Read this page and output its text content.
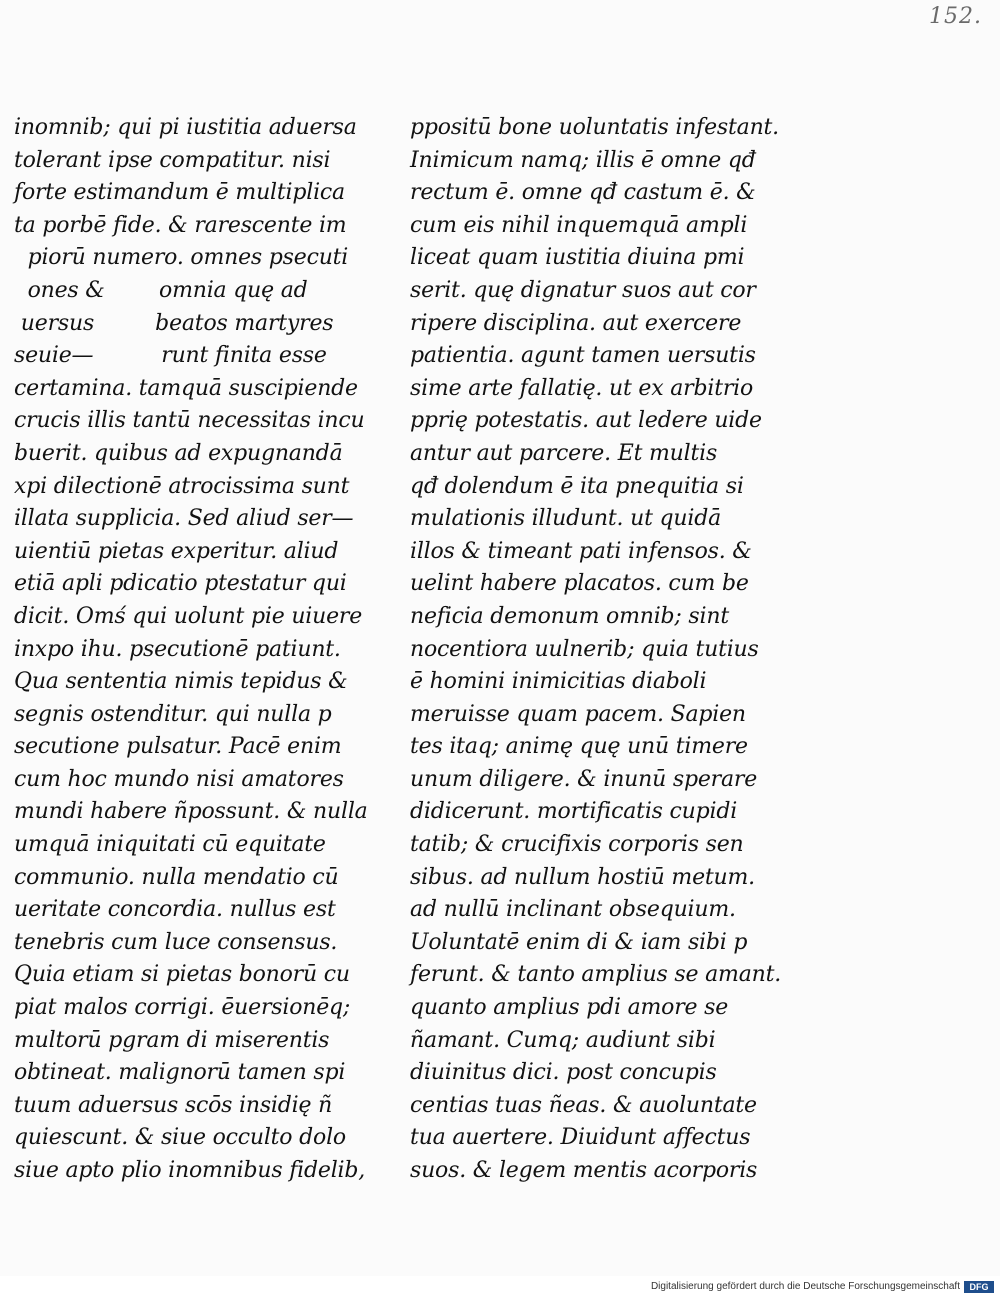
152.
inomnib; qui pi iustitia aduersa
tolerant ipse compatitur. nisi
forte estimandum ē multiplica
ta porbē fide. & rarescente im
piorū numero. omnes psecuti
ones &        omnia quę ad
uersus         beatos martyres
seuie—          runt finita esse
certamina. tamquā suscipiende
crucis illis tantū necessitas incu
buerit. quibus ad expugnandā
xpi dilectionē atrocissima sunt
illata supplicia. Sed aliud ser—
uientiū pietas experitur. aliud
etiā apli pdicatio ptestatur qui
dicit. Omś qui uolunt pie uiuere
inxpo ihu. psecutionē patiunt.
Qua sententia nimis tepidus &
segnis ostenditur. qui nulla p
secutione pulsatur. Pacē enim
cum hoc mundo nisi amatores
mundi habere ñpossunt. & nulla
umquā iniquitati cū equitate
communio. nulla mendatio cū
ueritate concordia. nullus est
tenebris cum luce consensus.
Quia etiam si pietas bonorū cu
piat malos corrigi. ēuersionēq;
multorū pgram di miserentis
obtineat. malignorū tamen spi
tuum aduersus scōs insidię ñ
quiescunt. & siue occulto dolo
siue apto plio inomnibus fidelib,
ppositū bone uoluntatis infestant.
Inimicum namq; illis ē omne qđ
rectum ē. omne qđ castum ē. &
cum eis nihil inquemquā ampli
liceat quam iustitia diuina pmi
serit. quę dignatur suos aut cor
ripere disciplina. aut exercere
patientia. agunt tamen uersutis
sime arte fallatię. ut ex arbitrio
pprię potestatis. aut ledere uide
antur aut parcere. Et multis
qđ dolendum ē ita pnequitia si
mulationis illudunt. ut quidā
illos & timeant pati infensos. &
uelint habere placatos. cum be
neficia demonum omnib; sint
nocentiora uulnerib; quia tutius
ē homini inimicitias diaboli
meruisse quam pacem. Sapien
tes itaq; animę quę unū timere
unum diligere. & inunū sperare
didicerunt. mortificatis cupidi
tatib; & crucifixis corporis sen
sibus. ad nullum hostiū metum.
ad nullū inclinant obsequium.
Uoluntatē enim di & iam sibi p
ferunt. & tanto amplius se amant.
quanto amplius pdi amore se
ñamant. Cumq; audiunt sibi
diuinitus dici. post concupis
centias tuas ñeas. & auoluntate
tua auertere. Diuidunt affectus
suos. & legem mentis acorporis
Digitalisierung gefördert durch die Deutsche Forschungsgemeinschaft	DFG
